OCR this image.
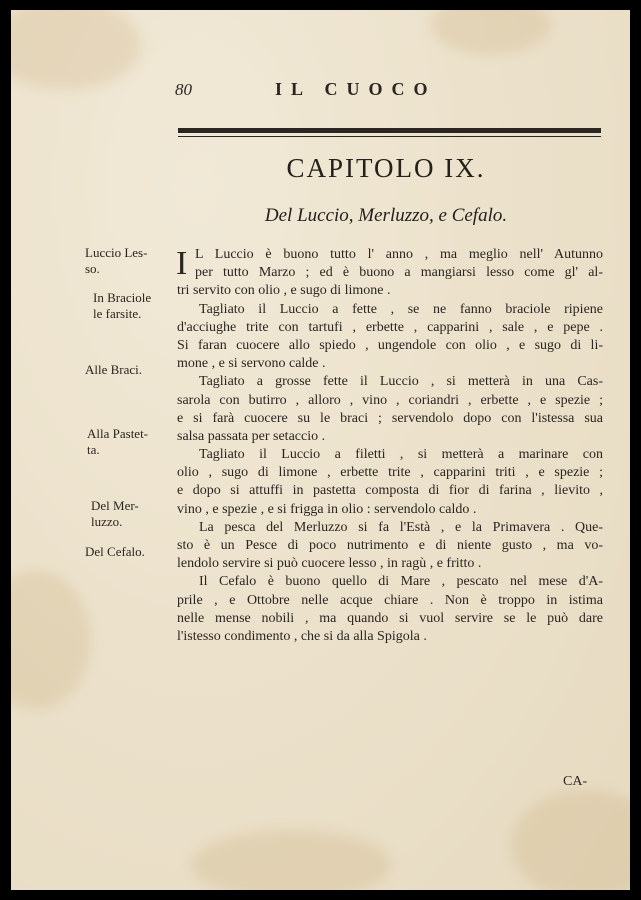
80	IL CUOCO
CAPITOLO IX.
Del Luccio, Merluzzo, e Cefalo.
Luccio Les-
so.
In Braciole
le farsite.
Alle Braci.
Alla Pastet-
ta.
Del Mer-
luzzo.
Del Cefalo.
I L Luccio è buono tutto l' anno , ma meglio nell' Autunno
per tutto Marzo ; ed è buono a mangiarsi lesso come gl' al-
tri servito con olio , e sugo di limone .
Tagliato il Luccio a fette , se ne fanno braciole ripiene
d'acciughe trite con tartufi , erbette , capparini , sale , e pepe .
Si faran cuocere allo spiedo , ungendole con olio , e sugo di li-
mone , e si servono calde .
Tagliato a grosse fette il Luccio , si metterà in una Cas-
sarola con butirro , alloro , vino , coriandri , erbette , e spezie ;
e si farà cuocere su le braci ; servendolo dopo con l'istessa sua
salsa passata per setaccio .
Tagliato il Luccio a filetti , si metterà a marinare con
olio , sugo di limone , erbette trite , capparini triti , e spezie ;
e dopo si attuffi in pastetta composta di fior di farina , lievito ,
vino , e spezie , e si frigga in olio : servendolo caldo .
La pesca del Merluzzo si fa l'Està , e la Primavera . Que-
sto è un Pesce di poco nutrimento e di niente gusto , ma vo-
lendolo servire si può cuocere lesso , in ragù , e fritto .
Il Cefalo è buono quello di Mare , pescato nel mese d'A-
prile , e Ottobre nelle acque chiare . Non è troppo in istima
nelle mense nobili , ma quando si vuol servire se le può dare
l'istesso condimento , che si da alla Spigola .
CA-
